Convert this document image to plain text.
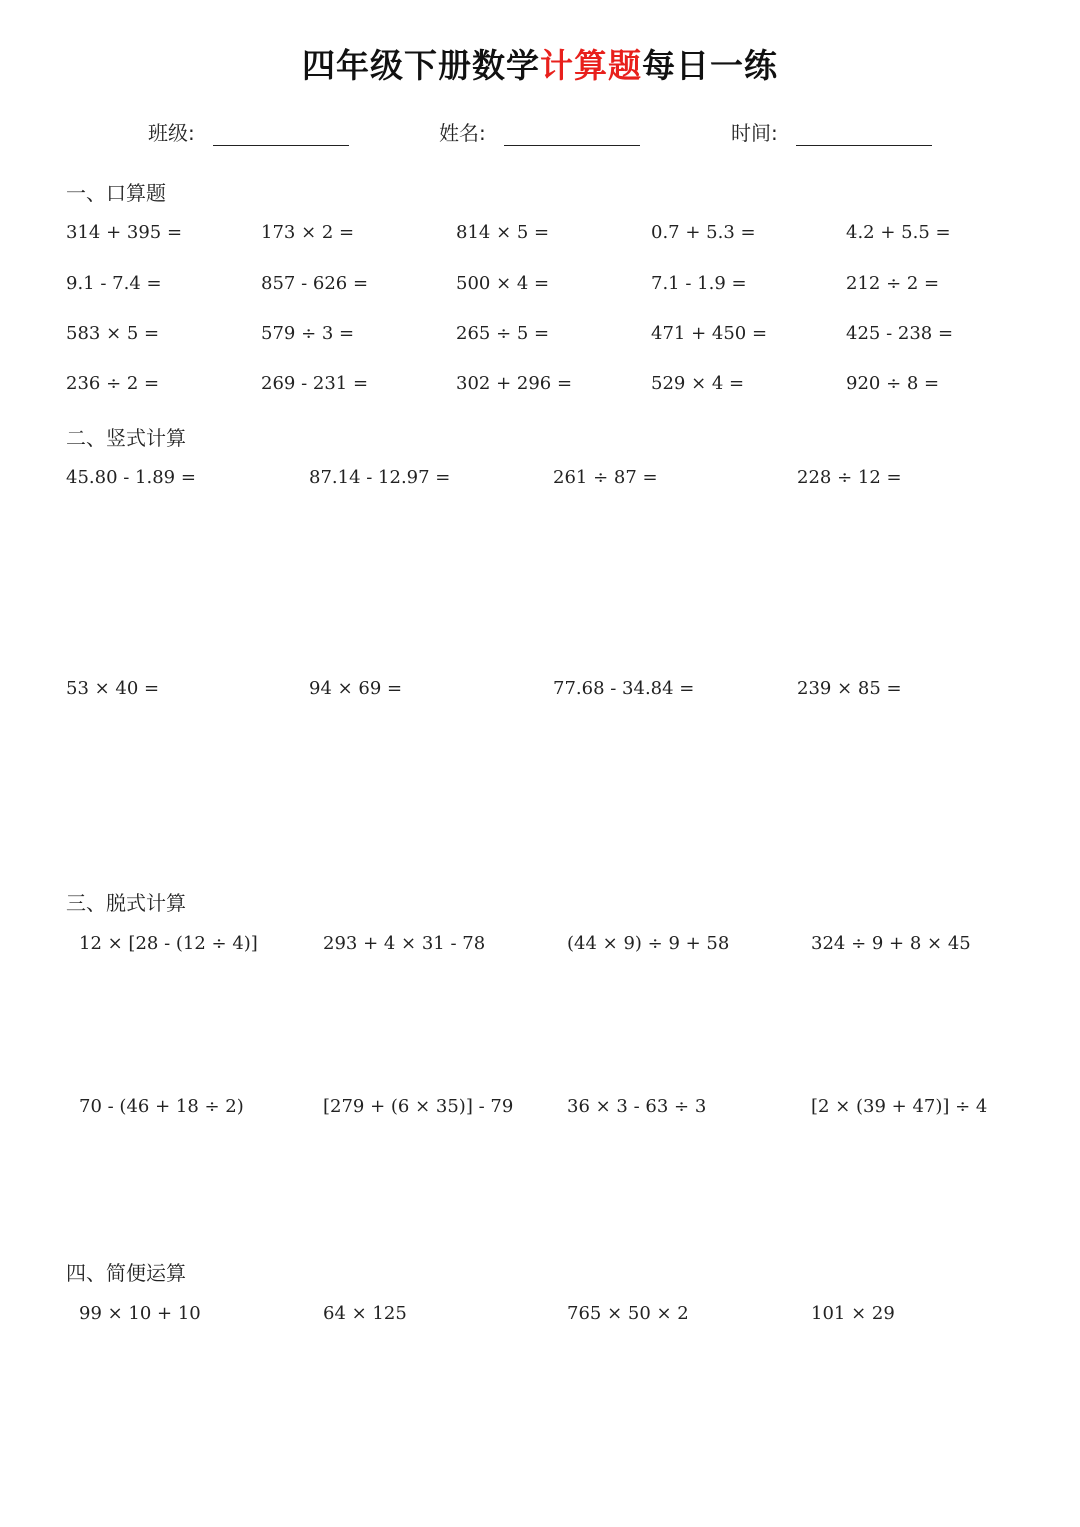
四年级下册数学计算题每日一练
班级:	姓名:	时间:
一、口算题
314 + 395 =	173 × 2 =	814 × 5 =	0.7 + 5.3 =	4.2 + 5.5 =
9.1 - 7.4 =	857 - 626 =	500 × 4 =	7.1 - 1.9 =	212 ÷ 2 =
583 × 5 =	579 ÷ 3 =	265 ÷ 5 =	471 + 450 =	425 - 238 =
236 ÷ 2 =	269 - 231 =	302 + 296 =	529 × 4 =	920 ÷ 8 =
二、竖式计算
45.80 - 1.89 =	87.14 - 12.97 =	261 ÷ 87 =	228 ÷ 12 =
53 × 40 =	94 × 69 =	77.68 - 34.84 =	239 × 85 =
三、脱式计算
12 × [28 - (12 ÷ 4)]	293 + 4 × 31 - 78	(44 × 9) ÷ 9 + 58	324 ÷ 9 + 8 × 45
70 - (46 + 18 ÷ 2)	[279 + (6 × 35)] - 79	36 × 3 - 63 ÷ 3	[2 × (39 + 47)] ÷ 4
四、简便运算
99 × 10 + 10	64 × 125	765 × 50 × 2	101 × 29
